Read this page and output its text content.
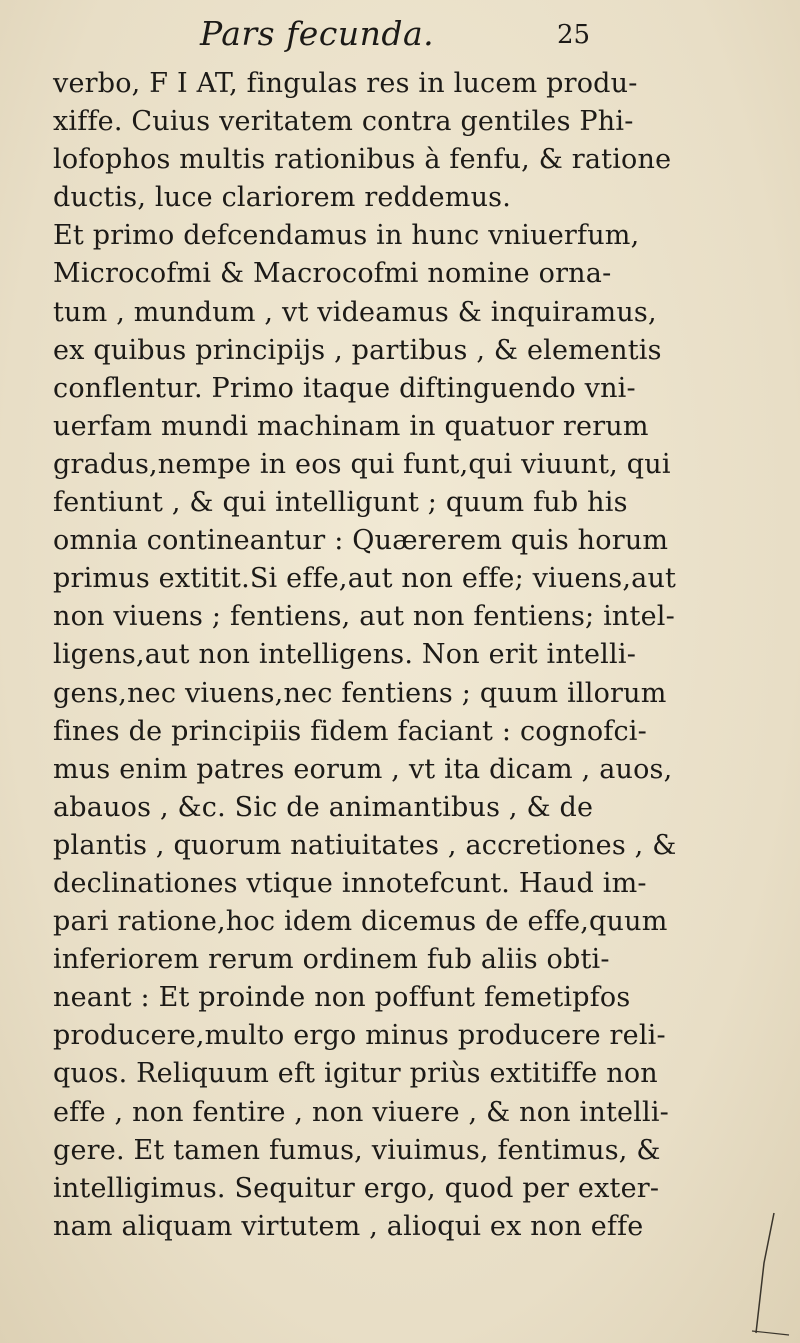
Pars fecunda.	25
verbo, F I AT, fingulas res in lucem produ-
xiffe. Cuius veritatem contra gentiles Phi-
lofophos multis rationibus à fenfu, & ratione
ductis, luce clariorem reddemus.
Et primo defcendamus in hunc vniuerfum,
Microcofmi & Macrocofmi nomine orna-
tum , mundum , vt videamus & inquiramus,
ex quibus principijs , partibus , & elementis
conflentur. Primo itaque diftinguendo vni-
uerfam mundi machinam in quatuor rerum
gradus,nempe in eos qui funt,qui viuunt, qui
fentiunt , & qui intelligunt ; quum fub his
omnia contineantur : Quærerem quis horum
primus extitit.Si effe,aut non effe; viuens,aut
non viuens ; fentiens, aut non fentiens; intel-
ligens,aut non intelligens. Non erit intelli-
gens,nec viuens,nec fentiens ; quum illorum
fines de principiis fidem faciant : cognofci-
mus enim patres eorum , vt ita dicam , auos,
abauos , &c. Sic de animantibus , & de
plantis , quorum natiuitates , accretiones , &
declinationes vtique innotefcunt. Haud im-
pari ratione,hoc idem dicemus de effe,quum
inferiorem rerum ordinem fub aliis obti-
neant : Et proinde non poffunt femetipfos
producere,multo ergo minus producere reli-
quos. Reliquum eft igitur priùs extitiffe non
effe , non fentire , non viuere , & non intelli-
gere. Et tamen fumus, viuimus, fentimus, &
intelligimus. Sequitur ergo, quod per exter-
nam aliquam virtutem , alioqui ex non effe
